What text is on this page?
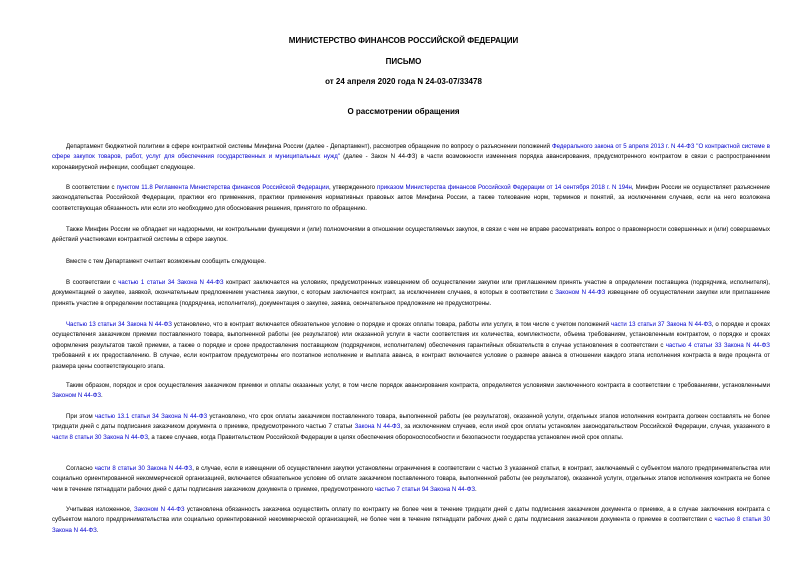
МИНИСТЕРСТВО ФИНАНСОВ РОССИЙСКОЙ ФЕДЕРАЦИИ
ПИСЬМО
от 24 апреля 2020 года N 24-03-07/33478
О рассмотрении обращения
Департамент бюджетной политики в сфере контрактной системы Минфина России (далее - Департамент), рассмотрев обращение по вопросу о разъяснении положений Федерального закона от 5 апреля 2013 г. N 44-ФЗ "О контрактной системе в сфере закупок товаров, работ, услуг для обеспечения государственных и муниципальных нужд" (далее - Закон N 44-ФЗ) в части возможности изменения порядка авансирования, предусмотренного контрактом в связи с распространением коронавирусной инфекции, сообщает следующее.
В соответствии с пунктом 11.8 Регламента Министерства финансов Российской Федерации, утвержденного приказом Министерства финансов Российской Федерации от 14 сентября 2018 г. N 194н, Минфин России не осуществляет разъяснение законодательства Российской Федерации, практики его применения, практики применения нормативных правовых актов Минфина России, а также толкование норм, терминов и понятий, за исключением случаев, если на него возложена соответствующая обязанность или если это необходимо для обоснования решения, принятого по обращению.
Также Минфин России не обладает ни надзорными, ни контрольными функциями и (или) полномочиями в отношении осуществляемых закупок, в связи с чем не вправе рассматривать вопрос о правомерности совершенных и (или) совершаемых действий участниками контрактной системы в сфере закупок.
Вместе с тем Департамент считает возможным сообщить следующее.
В соответствии с частью 1 статьи 34 Закона N 44-ФЗ контракт заключается на условиях, предусмотренных извещением об осуществлении закупки или приглашением принять участие в определении поставщика (подрядчика, исполнителя), документацией о закупке, заявкой, окончательным предложением участника закупки, с которым заключается контракт, за исключением случаев, в которых в соответствии с Законом N 44-ФЗ извещение об осуществлении закупки или приглашение принять участие в определении поставщика (подрядчика, исполнителя), документация о закупке, заявка, окончательное предложение не предусмотрены.
Частью 13 статьи 34 Закона N 44-ФЗ установлено, что в контракт включается обязательное условие о порядке и сроках оплаты товара, работы или услуги, в том числе с учетом положений части 13 статьи 37 Закона N 44-ФЗ, о порядке и сроках осуществления заказчиком приемки поставленного товара, выполненной работы (ее результатов) или оказанной услуги в части соответствия их количества, комплектности, объема требованиям, установленным контрактом, о порядке и сроках оформления результатов такой приемки, а также о порядке и сроке предоставления поставщиком (подрядчиком, исполнителем) обеспечения гарантийных обязательств в случае установления в соответствии с частью 4 статьи 33 Закона N 44-ФЗ требований к их предоставлению. В случае, если контрактом предусмотрены его поэтапное исполнение и выплата аванса, в контракт включается условие о размере аванса в отношении каждого этапа исполнения контракта в виде процента от размера цены соответствующего этапа.
Таким образом, порядок и срок осуществления заказчиком приемки и оплаты оказанных услуг, в том числе порядок авансирования контракта, определяется условиями заключенного контракта в соответствии с требованиями, установленными Законом N 44-ФЗ.
При этом частью 13.1 статьи 34 Закона N 44-ФЗ установлено, что срок оплаты заказчиком поставленного товара, выполненной работы (ее результатов), оказанной услуги, отдельных этапов исполнения контракта должен составлять не более тридцати дней с даты подписания заказчиком документа о приемке, предусмотренного частью 7 статьи Закона N 44-ФЗ, за исключением случаев, если иной срок оплаты установлен законодательством Российской Федерации, случая, указанного в части 8 статьи 30 Закона N 44-ФЗ, а также случаев, когда Правительством Российской Федерации в целях обеспечения обороноспособности и безопасности государства установлен иной срок оплаты.
Согласно части 8 статьи 30 Закона N 44-ФЗ, в случае, если в извещении об осуществлении закупки установлены ограничения в соответствии с частью 3 указанной статьи, в контракт, заключаемый с субъектом малого предпринимательства или социально ориентированной некоммерческой организацией, включается обязательное условие об оплате заказчиком поставленного товара, выполненной работы (ее результатов), оказанной услуги, отдельных этапов исполнения контракта не более чем в течение пятнадцати рабочих дней с даты подписания заказчиком документа о приемке, предусмотренного частью 7 статьи 94 Закона N 44-ФЗ.
Учитывая изложенное, Законом N 44-ФЗ установлена обязанность заказчика осуществить оплату по контракту не более чем в течение тридцати дней с даты подписания заказчиком документа о приемке, а в случае заключения контракта с субъектом малого предпринимательства или социально ориентированной некоммерческой организацией, не более чем в течение пятнадцати рабочих дней с даты подписания заказчиком документа о приемке в соответствии с частью 8 статьи 30 Закона N 44-ФЗ.
